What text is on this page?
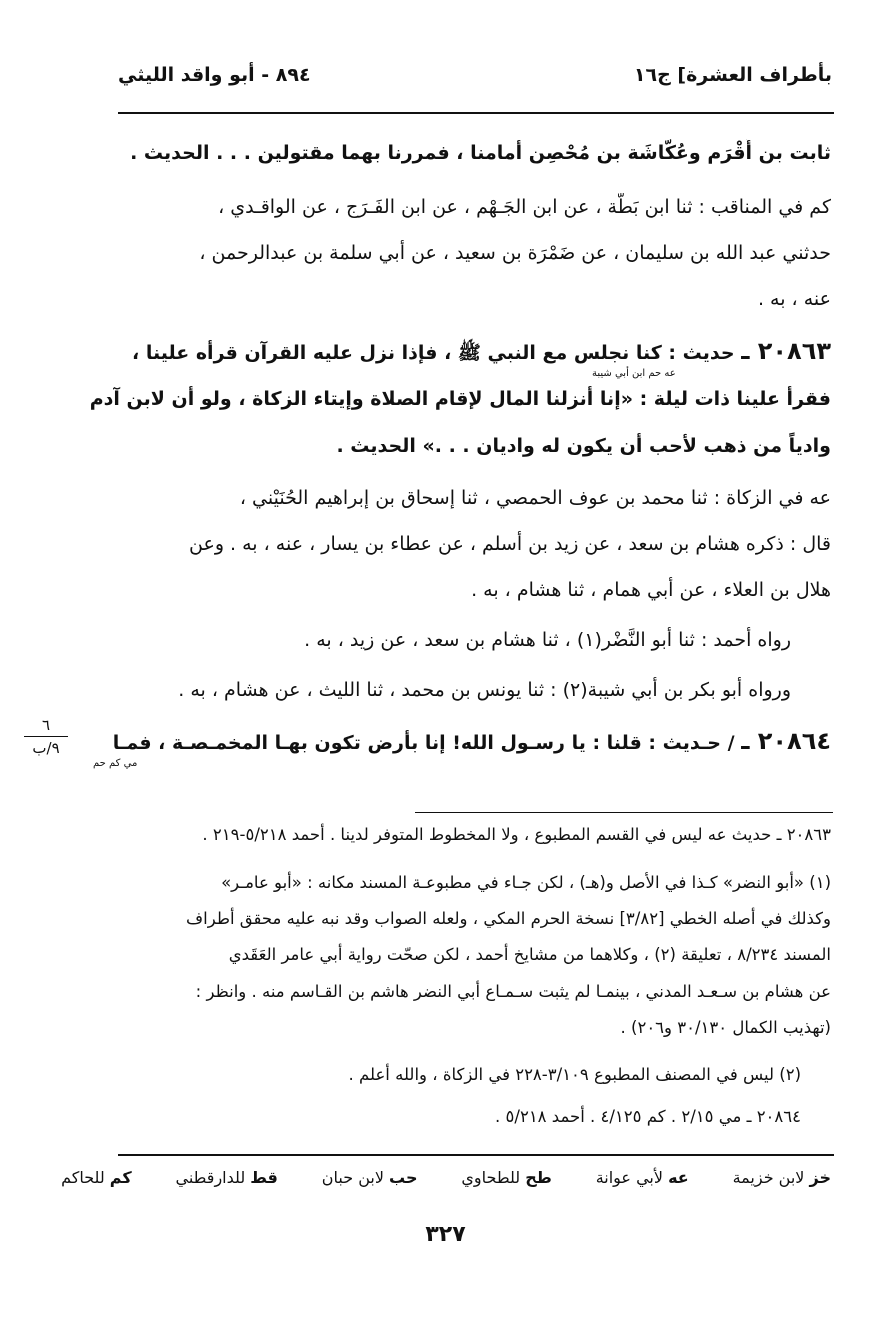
بأطراف العشرة] ج١٦
٨٩٤ - أبو واقد الليثي
ثابت بن أَقْرَم وعُكَّاشَة بن مُحْصِن أمامنا ، فمررنا بهما مقتولين . . . الحديث .
كم في المناقب : ثنا ابن بَطَّة ، عن ابن الجَـهْم ، عن ابن الفَـرَج ، عن الواقـدي ،
حدثني عبد الله بن سليمان ، عن ضَمْرَة بن سعيد ، عن أبي سلمة بن عبدالرحمن ،
عنه ، به .
٢٠٨٦٣ ـ حديث : كنا نجلس مع النبي ﷺ ، فإذا نزل عليه القرآن قرأه علينا ،
عه حم ابن أبي شيبة
فقرأ علينا ذات ليلة : «إنا أنزلنا المال لإقام الصلاة وإيتاء الزكاة ، ولو أن لابن آدم
وادياً من ذهب لأحب أن يكون له واديان . . .» الحديث .
عه في الزكاة : ثنا محمد بن عوف الحمصي ، ثنا إسحاق بن إبراهيم الحُنَيْني ،
قال : ذكره هشام بن سعد ، عن زيد بن أسلم ، عن عطاء بن يسار ، عنه ، به . وعن
هلال بن العلاء ، عن أبي همام ، ثنا هشام ، به .
رواه أحمد : ثنا أبو النَّضْر(١) ، ثنا هشام بن سعد ، عن زيد ، به .
ورواه أبو بكر بن أبي شيبة(٢) : ثنا يونس بن محمد ، ثنا الليث ، عن هشام ، به .
٢٠٨٦٤ ـ / حـديث : قلنا : يا رسـول الله! إنا بأرض تكون بهـا المخمـصـة ، فمـا
مي كم حم
٦
٩/ب
٢٠٨٦٣ ـ حديث عه ليس في القسم المطبوع ، ولا المخطوط المتوفر لدينا . أحمد ٥/٢١٨-٢١٩ .
(١) «أبو النضر» كـذا في الأصل و(هـ) ، لكن جـاء في مطبوعـة المسند مكانه : «أبو عامـر»
وكذلك في أصله الخطي [٣/٨٢] نسخة الحرم المكي ، ولعله الصواب وقد نبه عليه محقق أطراف
المسند ٨/٢٣٤ ، تعليقة (٢) ، وكلاهما من مشايخ أحمد ، لكن صحّت رواية أبي عامر العَقَدي
عن هشام بن سـعـد المدني ، بينمـا لم يثبت سـمـاع أبي النضر هاشم بن القـاسم منه . وانظر :
(تهذيب الكمال ٣٠/١٣٠ و٢٠٦) .
(٢) ليس في المصنف المطبوع ٣/١٠٩-٢٢٨ في الزكاة ، والله أعلم .
٢٠٨٦٤ ـ مي ٢/١٥ . كم ٤/١٢٥ . أحمد ٥/٢١٨ .
خز لابن خزيمة
عه لأبي عوانة
طح للطحاوي
حب لابن حبان
قط للدارقطني
كم للحاكم
٣٢٧
